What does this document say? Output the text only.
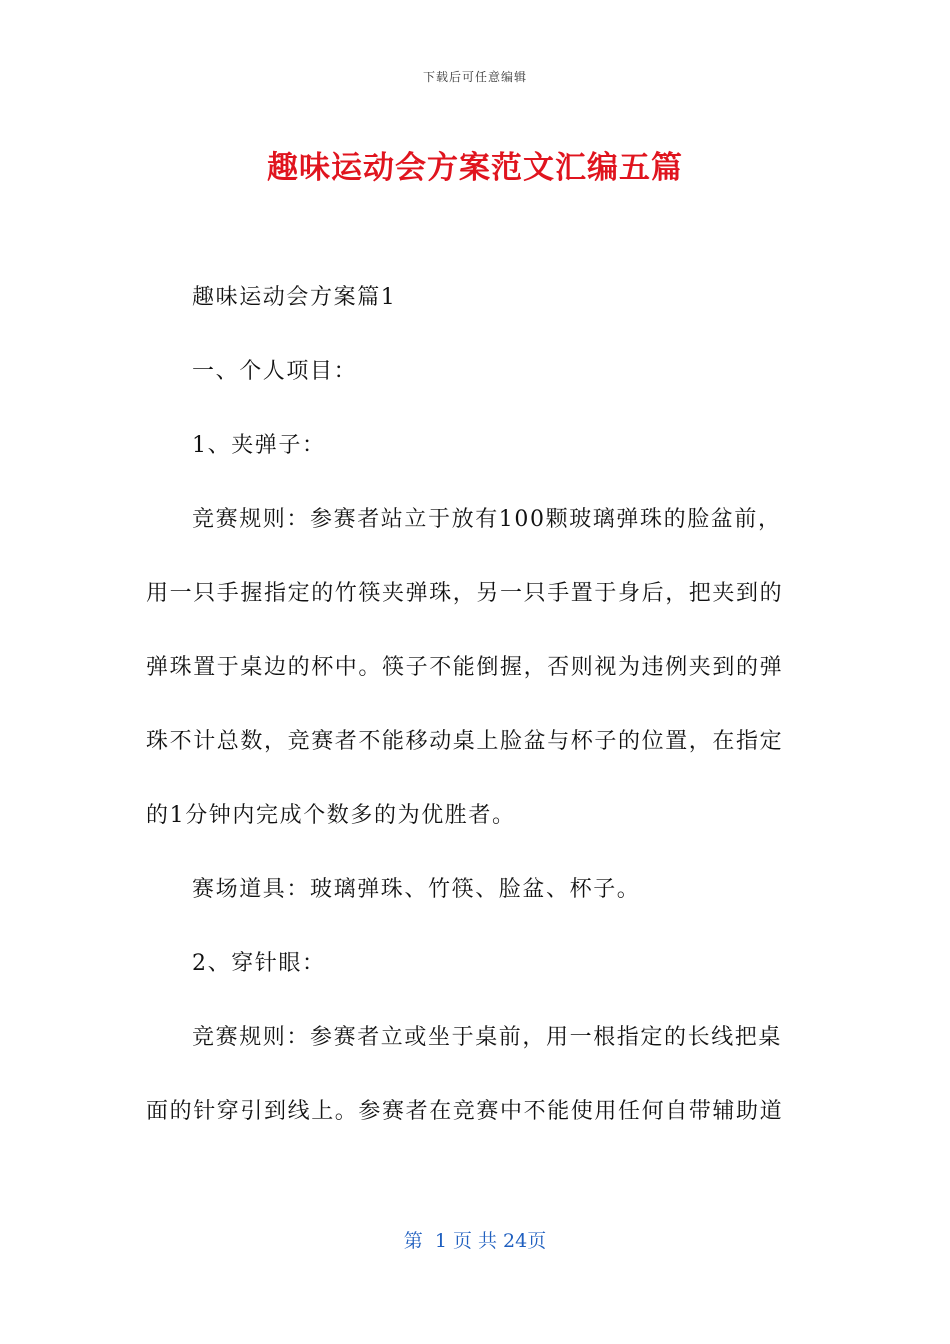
下载后可任意编辑
趣味运动会方案范文汇编五篇
趣味运动会方案篇1
一、个人项目：
1、夹弹子：
竞赛规则：参赛者站立于放有100颗玻璃弹珠的脸盆前，
用一只手握指定的竹筷夹弹珠，另一只手置于身后，把夹到的
弹珠置于桌边的杯中。筷子不能倒握，否则视为违例夹到的弹
珠不计总数，竞赛者不能移动桌上脸盆与杯子的位置，在指定
的1分钟内完成个数多的为优胜者。
赛场道具：玻璃弹珠、竹筷、脸盆、杯子。
2、穿针眼：
竞赛规则：参赛者立或坐于桌前，用一根指定的长线把桌
面的针穿引到线上。参赛者在竞赛中不能使用任何自带辅助道
第  1 页 共 24页
